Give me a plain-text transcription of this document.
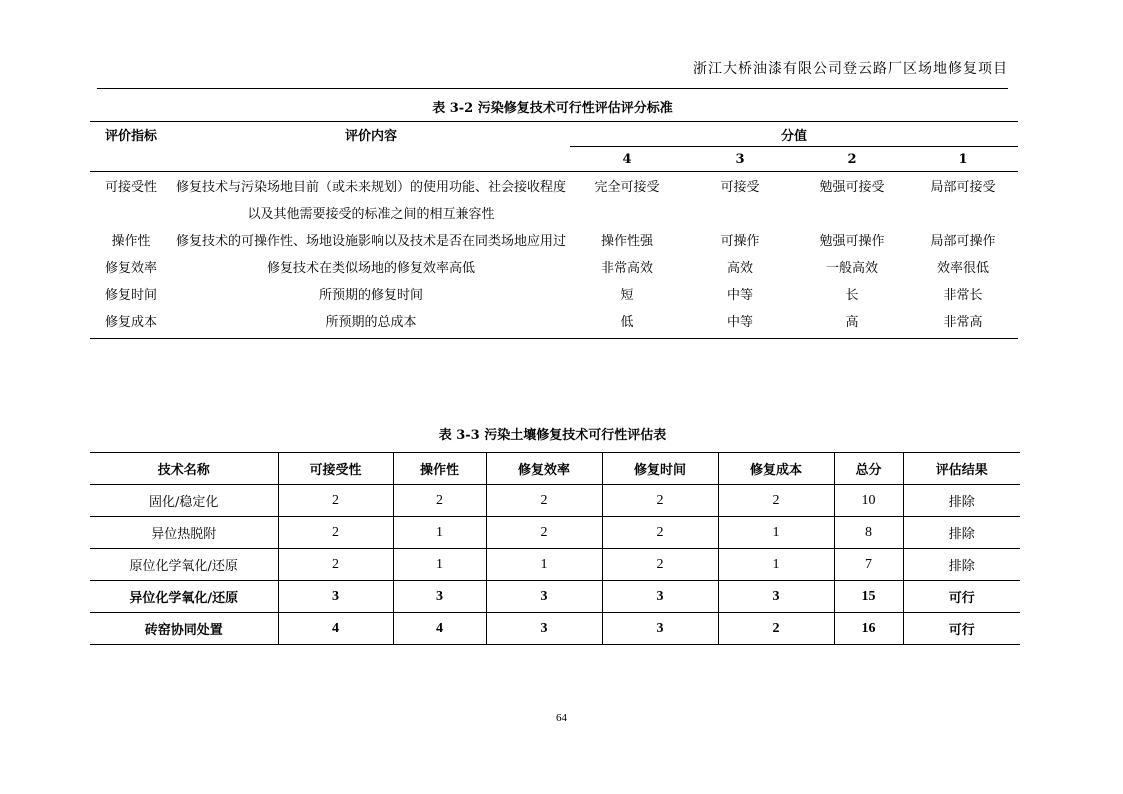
浙江大桥油漆有限公司登云路厂区场地修复项目
表 3-2 污染修复技术可行性评估评分标准
评价指标	评价内容	分值			
		4	3	2	1
可接受性	修复技术与污染场地目前（或未来规划）的使用功能、社会接收程度以及其他需要接受的标准之间的相互兼容性	完全可接受	可接受	勉强可接受	局部可接受
操作性	修复技术的可操作性、场地设施影响以及技术是否在同类场地应用过	操作性强	可操作	勉强可操作	局部可操作
修复效率	修复技术在类似场地的修复效率高低	非常高效	高效	一般高效	效率很低
修复时间	所预期的修复时间	短	中等	长	非常长
修复成本	所预期的总成本	低	中等	高	非常高
表 3-3 污染土壤修复技术可行性评估表
技术名称	可接受性	操作性	修复效率	修复时间	修复成本	总分	评估结果
固化/稳定化	2	2	2	2	2	10	排除
异位热脱附	2	1	2	2	1	8	排除
原位化学氧化/还原	2	1	1	2	1	7	排除
异位化学氧化/还原	3	3	3	3	3	15	可行
砖窑协同处置	4	4	3	3	2	16	可行
64
